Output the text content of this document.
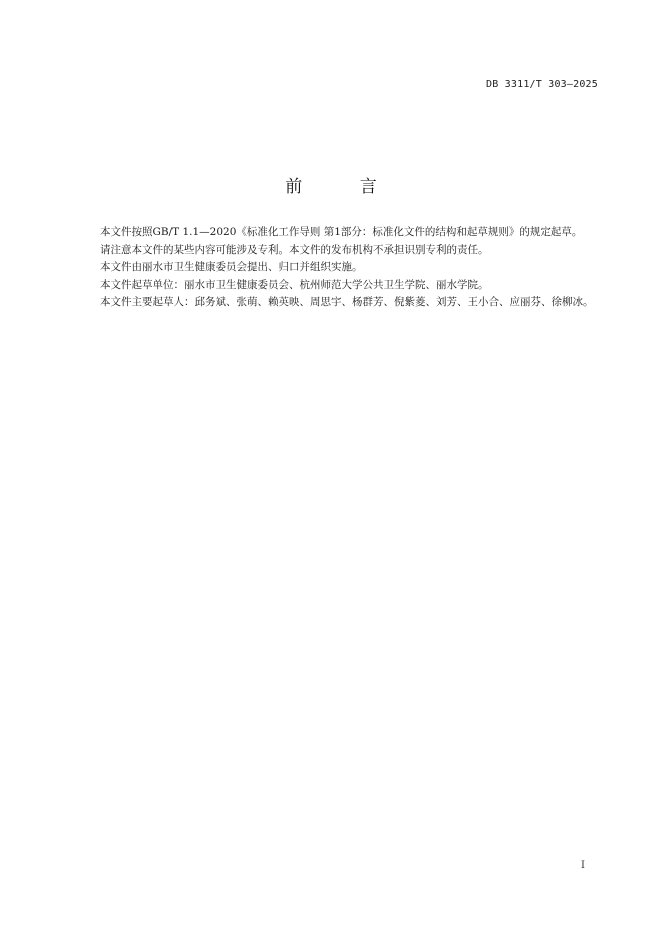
DB 3311/T 303—2025
前 言

本文件按照GB/T 1.1—2020《标准化工作导则 第1部分：标准化文件的结构和起草规则》的规定起草。

请注意本文件的某些内容可能涉及专利。本文件的发布机构不承担识别专利的责任。

本文件由丽水市卫生健康委员会提出、归口并组织实施。

本文件起草单位：丽水市卫生健康委员会、杭州师范大学公共卫生学院、丽水学院。

本文件主要起草人：邱务斌、张萌、赖英映、周思宇、杨群芳、倪紫菱、刘芳、王小合、应丽芬、徐柳冰。

I
